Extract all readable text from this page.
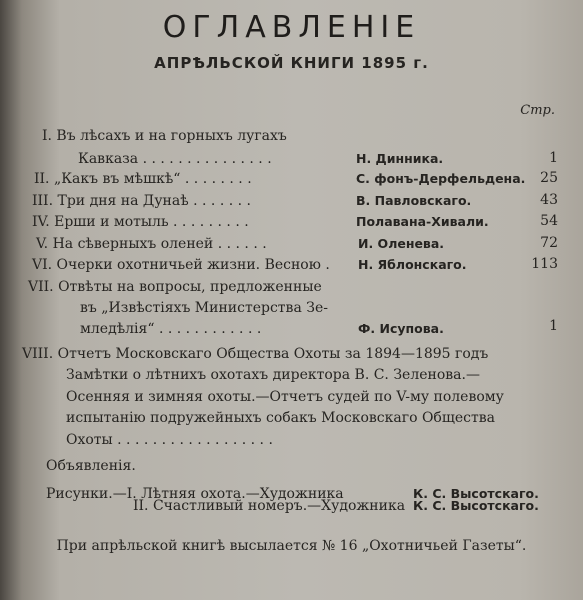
ОГЛАВЛЕНІЕ
АПРѢЛЬСКОЙ КНИГИ 1895 г.
Стр.
I. Въ лѣсахъ и на горныхъ лугахъ
Кавказа . . . . . . . . . . . . . . .	Н. Динника.	1
II. „Какъ въ мѣшкѣ“ . . . . . . . .	С. фонъ-Дерфельдена.	25
III. Три дня на Дунаѣ . . . . . . .	В. Павловскаго.	43
IV. Ерши и мотыль . . . . . . . . .	Полавана-Хивали.	54
V. На сѣверныхъ оленей . . . . . .	И. Оленева.	72
VI. Очерки охотничьей жизни. Весною . Н. Яблонскаго.	113
VII. Отвѣты на вопросы, предложенные
въ „Извѣстіяхъ Министерства Зе-
мледѣлія“ . . . . . . . . . . . .	Ф. Исупова.	1
VIII. Отчетъ Московскаго Общества Охоты за 1894—1895 годъ
Замѣтки о лѣтнихъ охотахъ директора В. С. Зеленова.—
Осенняя и зимняя охоты.—Отчетъ судей по V-му полевому
испытанію подружейныхъ собакъ Московскаго Общества
Охоты . . . . . . . . . . . . . . . . . .
Объявленія.
Рисунки.—I. Лѣтняя охота.—Художника	К. С. Высотскаго.
II. Счастливый номеръ.—Художника К. С. Высотскаго.
При апрѣльской книгѣ высылается № 16 „Охотничьей Газеты“.
